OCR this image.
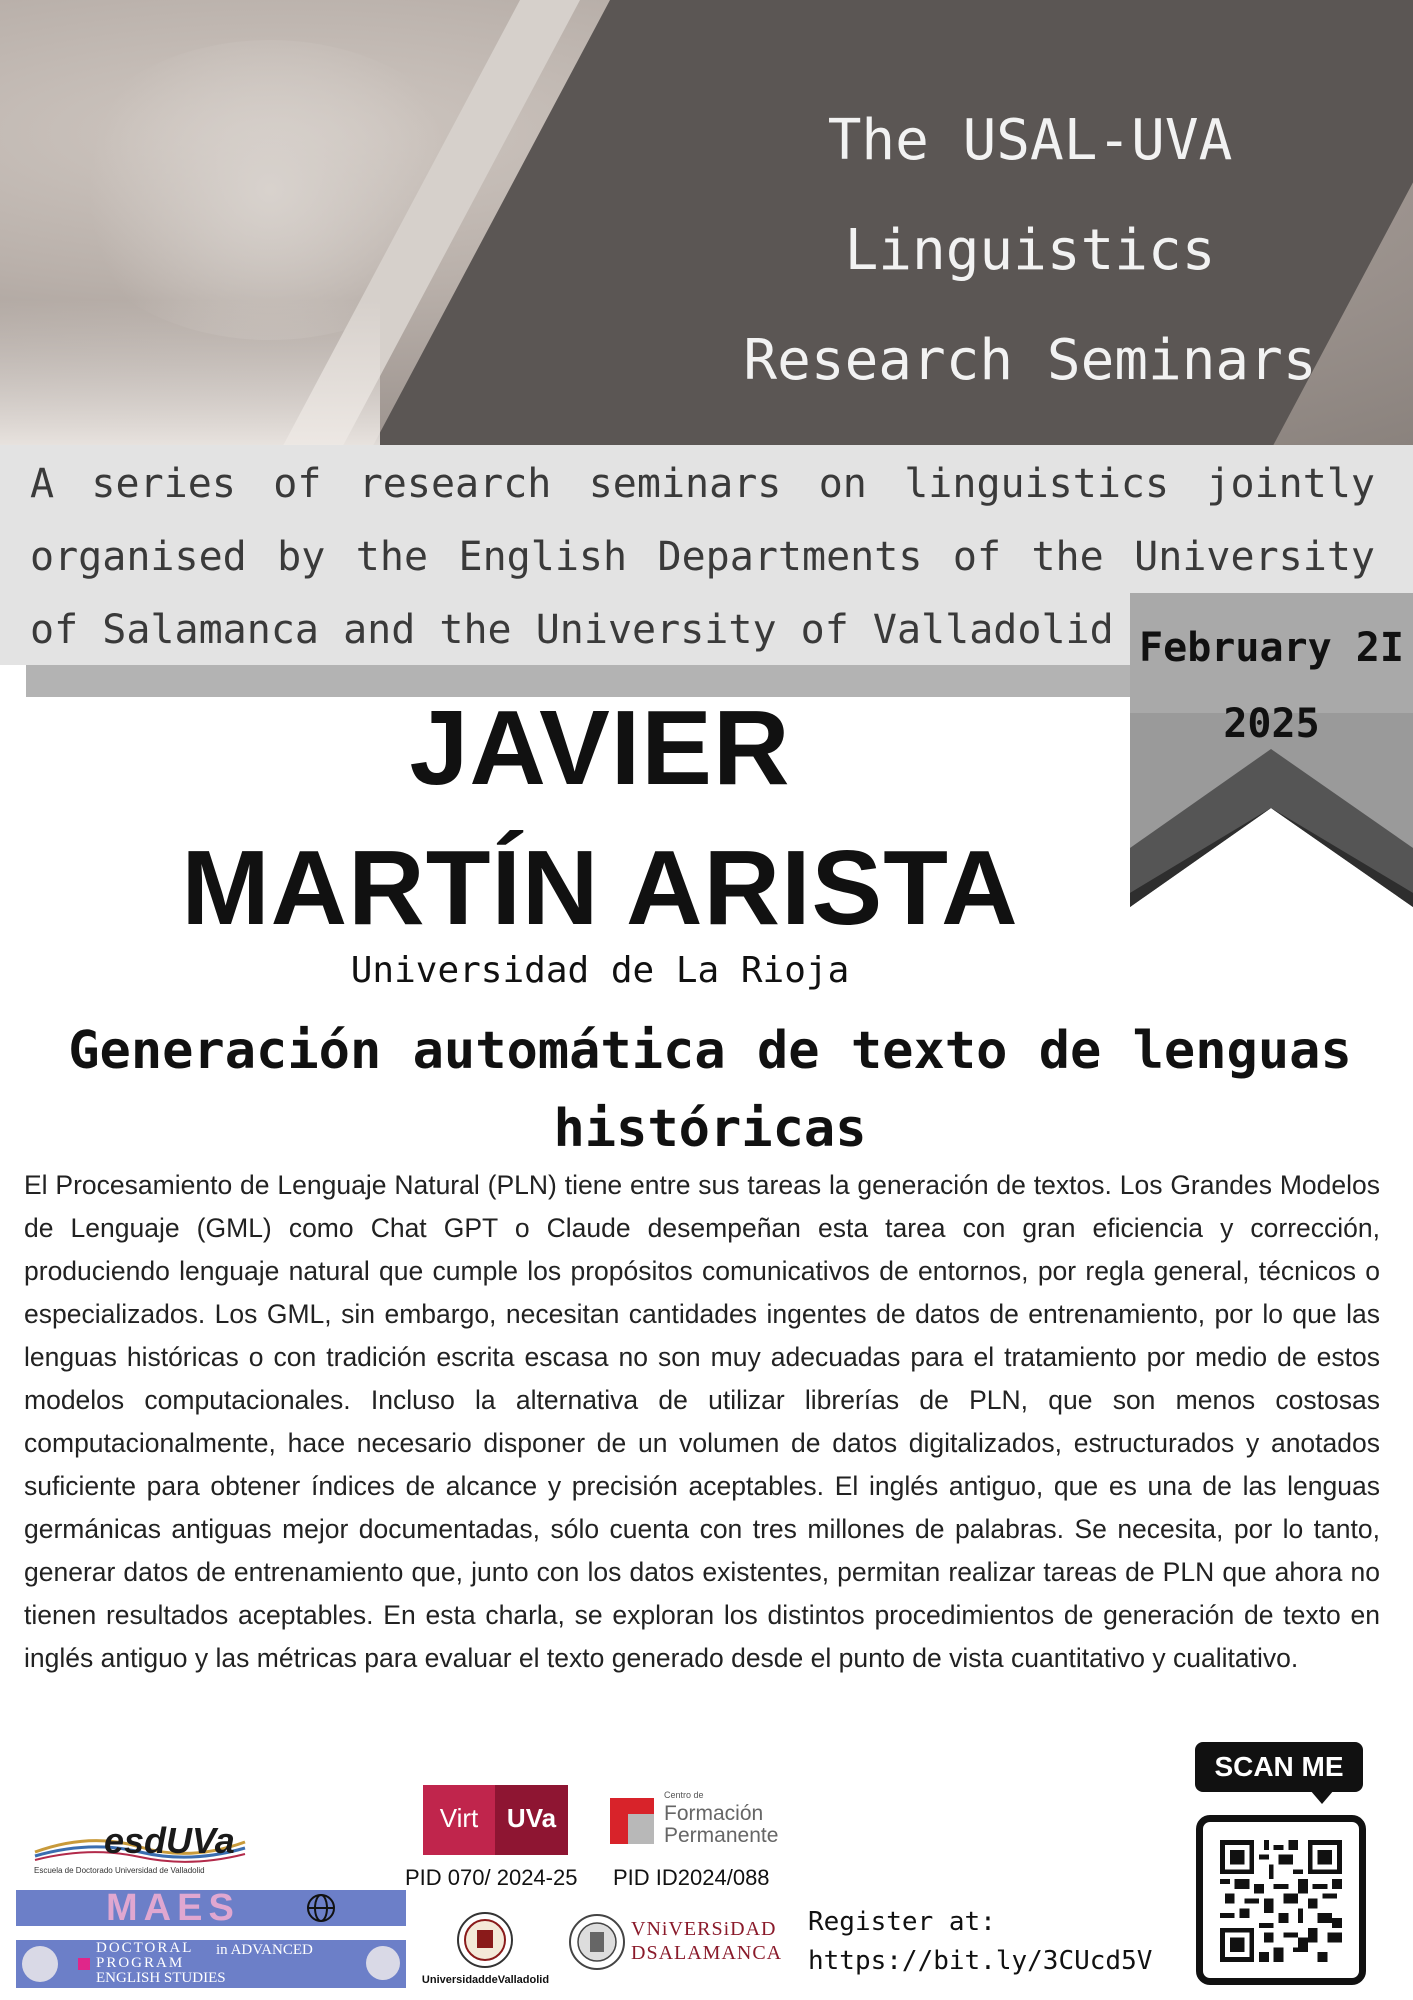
The USAL-UVA
Linguistics
Research Seminars
A series of research seminars on linguistics jointly organised by the English Departments of the University of Salamanca and the University of Valladolid February 2I
2025
JAVIER
MARTÍN ARISTA
Universidad de La Rioja
Generación automática de texto de lenguas históricas
El Procesamiento de Lenguaje Natural (PLN) tiene entre sus tareas la generación de textos. Los Grandes Modelos de Lenguaje (GML) como Chat GPT o Claude desempeñan esta tarea con gran eficiencia y corrección, produciendo lenguaje natural que cumple los propósitos comunicativos de entornos, por regla general, técnicos o especializados. Los GML, sin embargo, necesitan cantidades ingentes de datos de entrenamiento, por lo que las lenguas históricas o con tradición escrita escasa no son muy adecuadas para el tratamiento por medio de estos modelos computacionales. Incluso la alternativa de utilizar librerías de PLN, que son menos costosas computacionalmente, hace necesario disponer de un volumen de datos digitalizados, estructurados y anotados suficiente para obtener índices de alcance y precisión aceptables. El inglés antiguo, que es una de las lenguas germánicas antiguas mejor documentadas, sólo cuenta con tres millones de palabras. Se necesita, por lo tanto, generar datos de entrenamiento que, junto con los datos existentes, permitan realizar tareas de PLN que ahora no tienen resultados aceptables. En esta charla, se exploran los distintos procedimientos de generación de texto en inglés antiguo y las métricas para evaluar el texto generado desde el punto de vista cuantitativo y cualitativo.
esdUVa
Escuela de Doctorado Universidad de Valladolid
Virt	UVa
PID 070/ 2024-25
Centro de
Formación
Permanente
PID ID2024/088
MAES
DOCTORAL in ADVANCED
PROGRAM
ENGLISH STUDIES	UniversidaddeValladolid
VNiVERSiDAD
DSALAMANCA
Register at:
https://bit.ly/3CUcd5V
SCAN ME
